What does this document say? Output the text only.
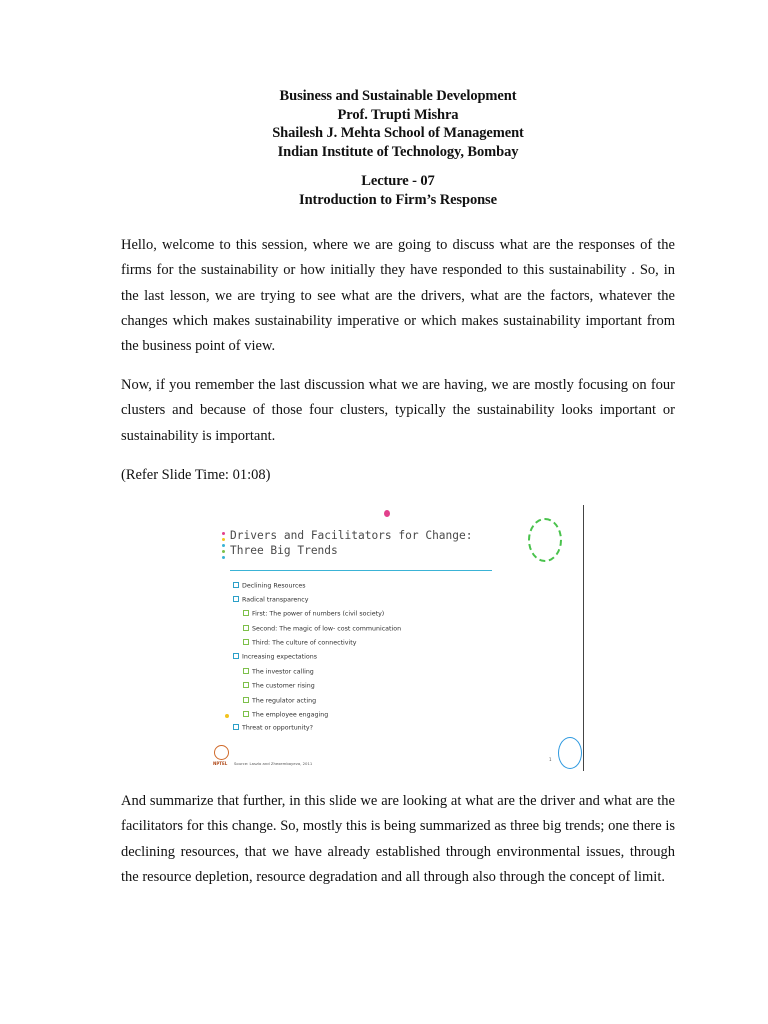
Business and Sustainable Development
Prof. Trupti Mishra
Shailesh J. Mehta School of Management
Indian Institute of Technology, Bombay
Lecture - 07
Introduction to Firm’s Response

Hello, welcome to this session, where we are going to discuss what are the responses of the firms for the sustainability or how initially they have responded to this sustainability . So, in the last lesson, we are trying to see what are the drivers, what are the factors, whatever the changes which makes sustainability imperative or which makes sustainability important from the business point of view.

Now, if you remember the last discussion what we are having, we are mostly focusing on four clusters and because of those four clusters, typically the sustainability looks important or sustainability is important.

(Refer Slide Time: 01:08)

Drivers and Facilitators for Change: Three Big Trends
Declining Resources
Radical transparency
First: The power of numbers (civil society)
Second: The magic of low- cost communication
Third: The culture of connectivity
Increasing expectations
The investor calling
The customer rising
The regulator acting
The employee engaging
Threat or opportunity?
NPTEL Source: Laszlo and Zhexembayeva, 2011
1

And summarize that further, in this slide we are looking at what are the driver and what are the facilitators for this change. So, mostly this is being summarized as three big trends; one there is declining resources, that we have already established through environmental issues, through the resource depletion, resource degradation and all through also through the concept of limit.
